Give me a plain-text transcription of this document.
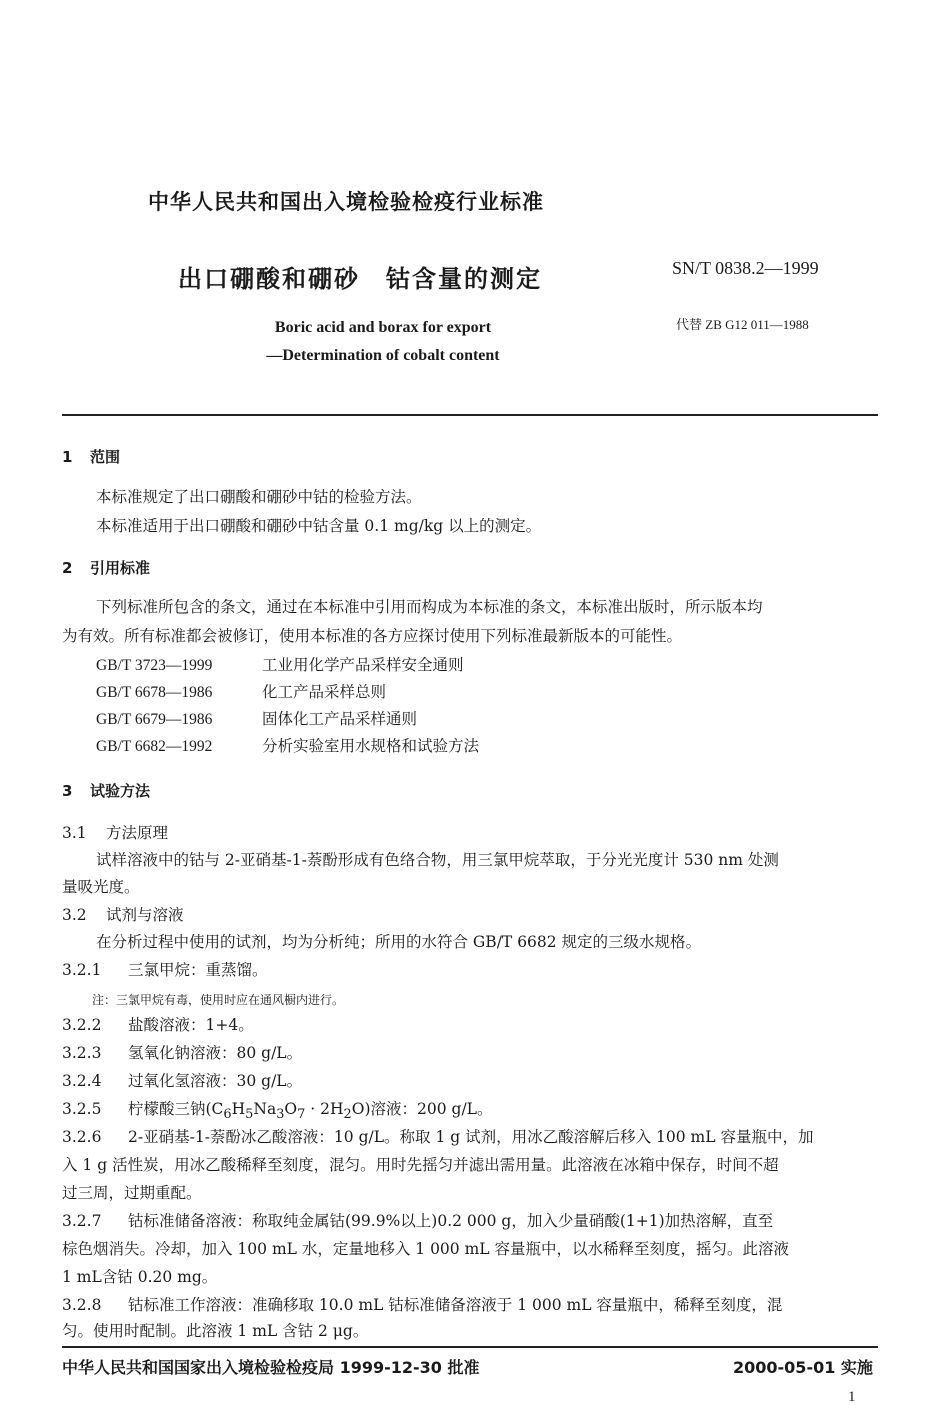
中华人民共和国出入境检验检疫行业标准
出口硼酸和硼砂　钴含量的测定	SN/T 0838.2—1999
代替 ZB G12 011—1988
Boric acid and borax for export
—Determination of cobalt content
1 范围
本标准规定了出口硼酸和硼砂中钴的检验方法。
本标准适用于出口硼酸和硼砂中钴含量 0.1 mg/kg 以上的测定。
2 引用标准
下列标准所包含的条文，通过在本标准中引用而构成为本标准的条文，本标准出版时，所示版本均
为有效。所有标准都会被修订，使用本标准的各方应探讨使用下列标准最新版本的可能性。
GB/T 3723—1999	工业用化学产品采样安全通则
GB/T 6678—1986	化工产品采样总则
GB/T 6679—1986	固体化工产品采样通则
GB/T 6682—1992	分析实验室用水规格和试验方法
3 试验方法
3.1 方法原理
试样溶液中的钴与 2-亚硝基-1-萘酚形成有色络合物，用三氯甲烷萃取，于分光光度计 530 nm 处测
量吸光度。
3.2 试剂与溶液
在分析过程中使用的试剂，均为分析纯；所用的水符合 GB/T 6682 规定的三级水规格。
3.2.1 三氯甲烷：重蒸馏。
注：三氯甲烷有毒，使用时应在通风橱内进行。
3.2.2 盐酸溶液：1+4。
3.2.3 氢氧化钠溶液：80 g/L。
3.2.4 过氧化氢溶液：30 g/L。
3.2.5 柠檬酸三钠$(C_6H_5Na_3O_7 \cdot 2H_2O)$溶液：200 g/L。
3.2.6 2-亚硝基-1-萘酚冰乙酸溶液：10 g/L。称取 1 g 试剂，用冰乙酸溶解后移入 100 mL 容量瓶中，加
入 1 g 活性炭，用冰乙酸稀释至刻度，混匀。用时先摇匀并滤出需用量。此溶液在冰箱中保存，时间不超
过三周，过期重配。
3.2.7 钴标准储备溶液：称取纯金属钴(99.9%以上)0.2 000 g，加入少量硝酸(1+1)加热溶解，直至
棕色烟消失。冷却，加入 100 mL 水，定量地移入 1 000 mL 容量瓶中，以水稀释至刻度，摇匀。此溶液
1 mL含钴 0.20 mg。
3.2.8 钴标准工作溶液：准确移取 10.0 mL 钴标准储备溶液于 1 000 mL 容量瓶中，稀释至刻度，混
匀。使用时配制。此溶液 1 mL 含钴 2 μg。
中华人民共和国国家出入境检验检疫局 1999-12-30 批准	2000-05-01 实施
1
